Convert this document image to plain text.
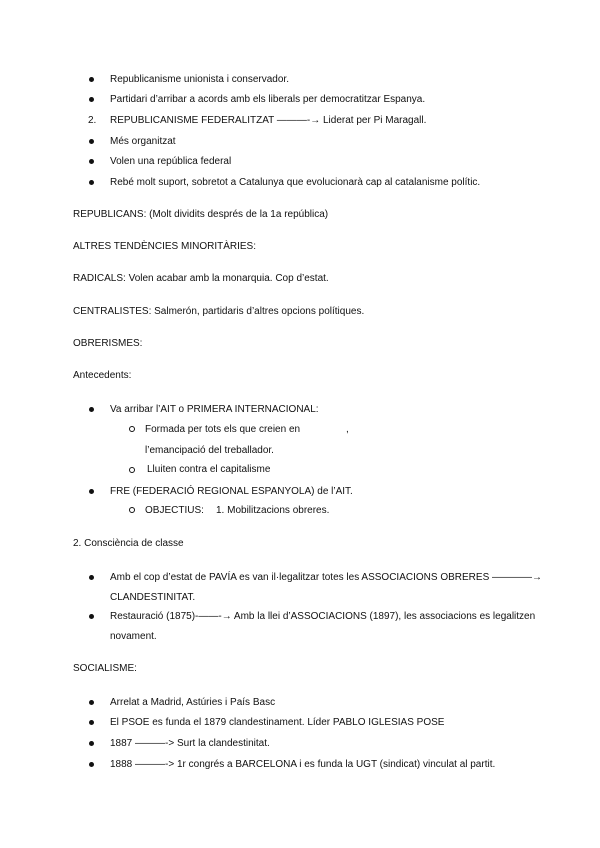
Republicanisme unionista i conservador.
Partidari d’arribar a acords amb els liberals per democratitzar Espanya.
2. REPUBLICANISME FEDERALITZAT ———-→ Liderat per Pi Maragall.
Més organitzat
Volen una república federal
Rebé molt suport, sobretot a Catalunya que evolucionarà cap al catalanisme polític.
REPUBLICANS: (Molt dividits després de la 1a república)
ALTRES TENDÈNCIES MINORITÀRIES:
RADICALS: Volen acabar amb la monarquia. Cop d’estat.
CENTRALISTES: Salmerón, partidaris d’altres opcions polítiques.
OBRERISMES:
Antecedents:
Va arribar l’AIT o PRIMERA INTERNACIONAL:
Formada per tots els que creien en	,
l’emancipació del treballador.
Lluiten contra el capitalisme
FRE (FEDERACIÓ REGIONAL ESPANYOLA) de l’AIT.
OBJECTIUS: 1. Mobilitzacions obreres.
2. Consciència de classe
Amb el cop d’estat de PAVÍA es van il·legalitzar totes les ASSOCIACIONS OBRERES ————→
CLANDESTINITAT.
Restauració (1875)-——-→ Amb la llei d’ASSOCIACIONS (1897), les associacions es legalitzen
novament.
SOCIALISME:
Arrelat a Madrid, Astúries i País Basc
El PSOE es funda el 1879 clandestinament. Líder PABLO IGLESIAS POSE
1887 ———-> Surt la clandestinitat.
1888 ———-> 1r congrés a BARCELONA i es funda la UGT (sindicat) vinculat al partit.
